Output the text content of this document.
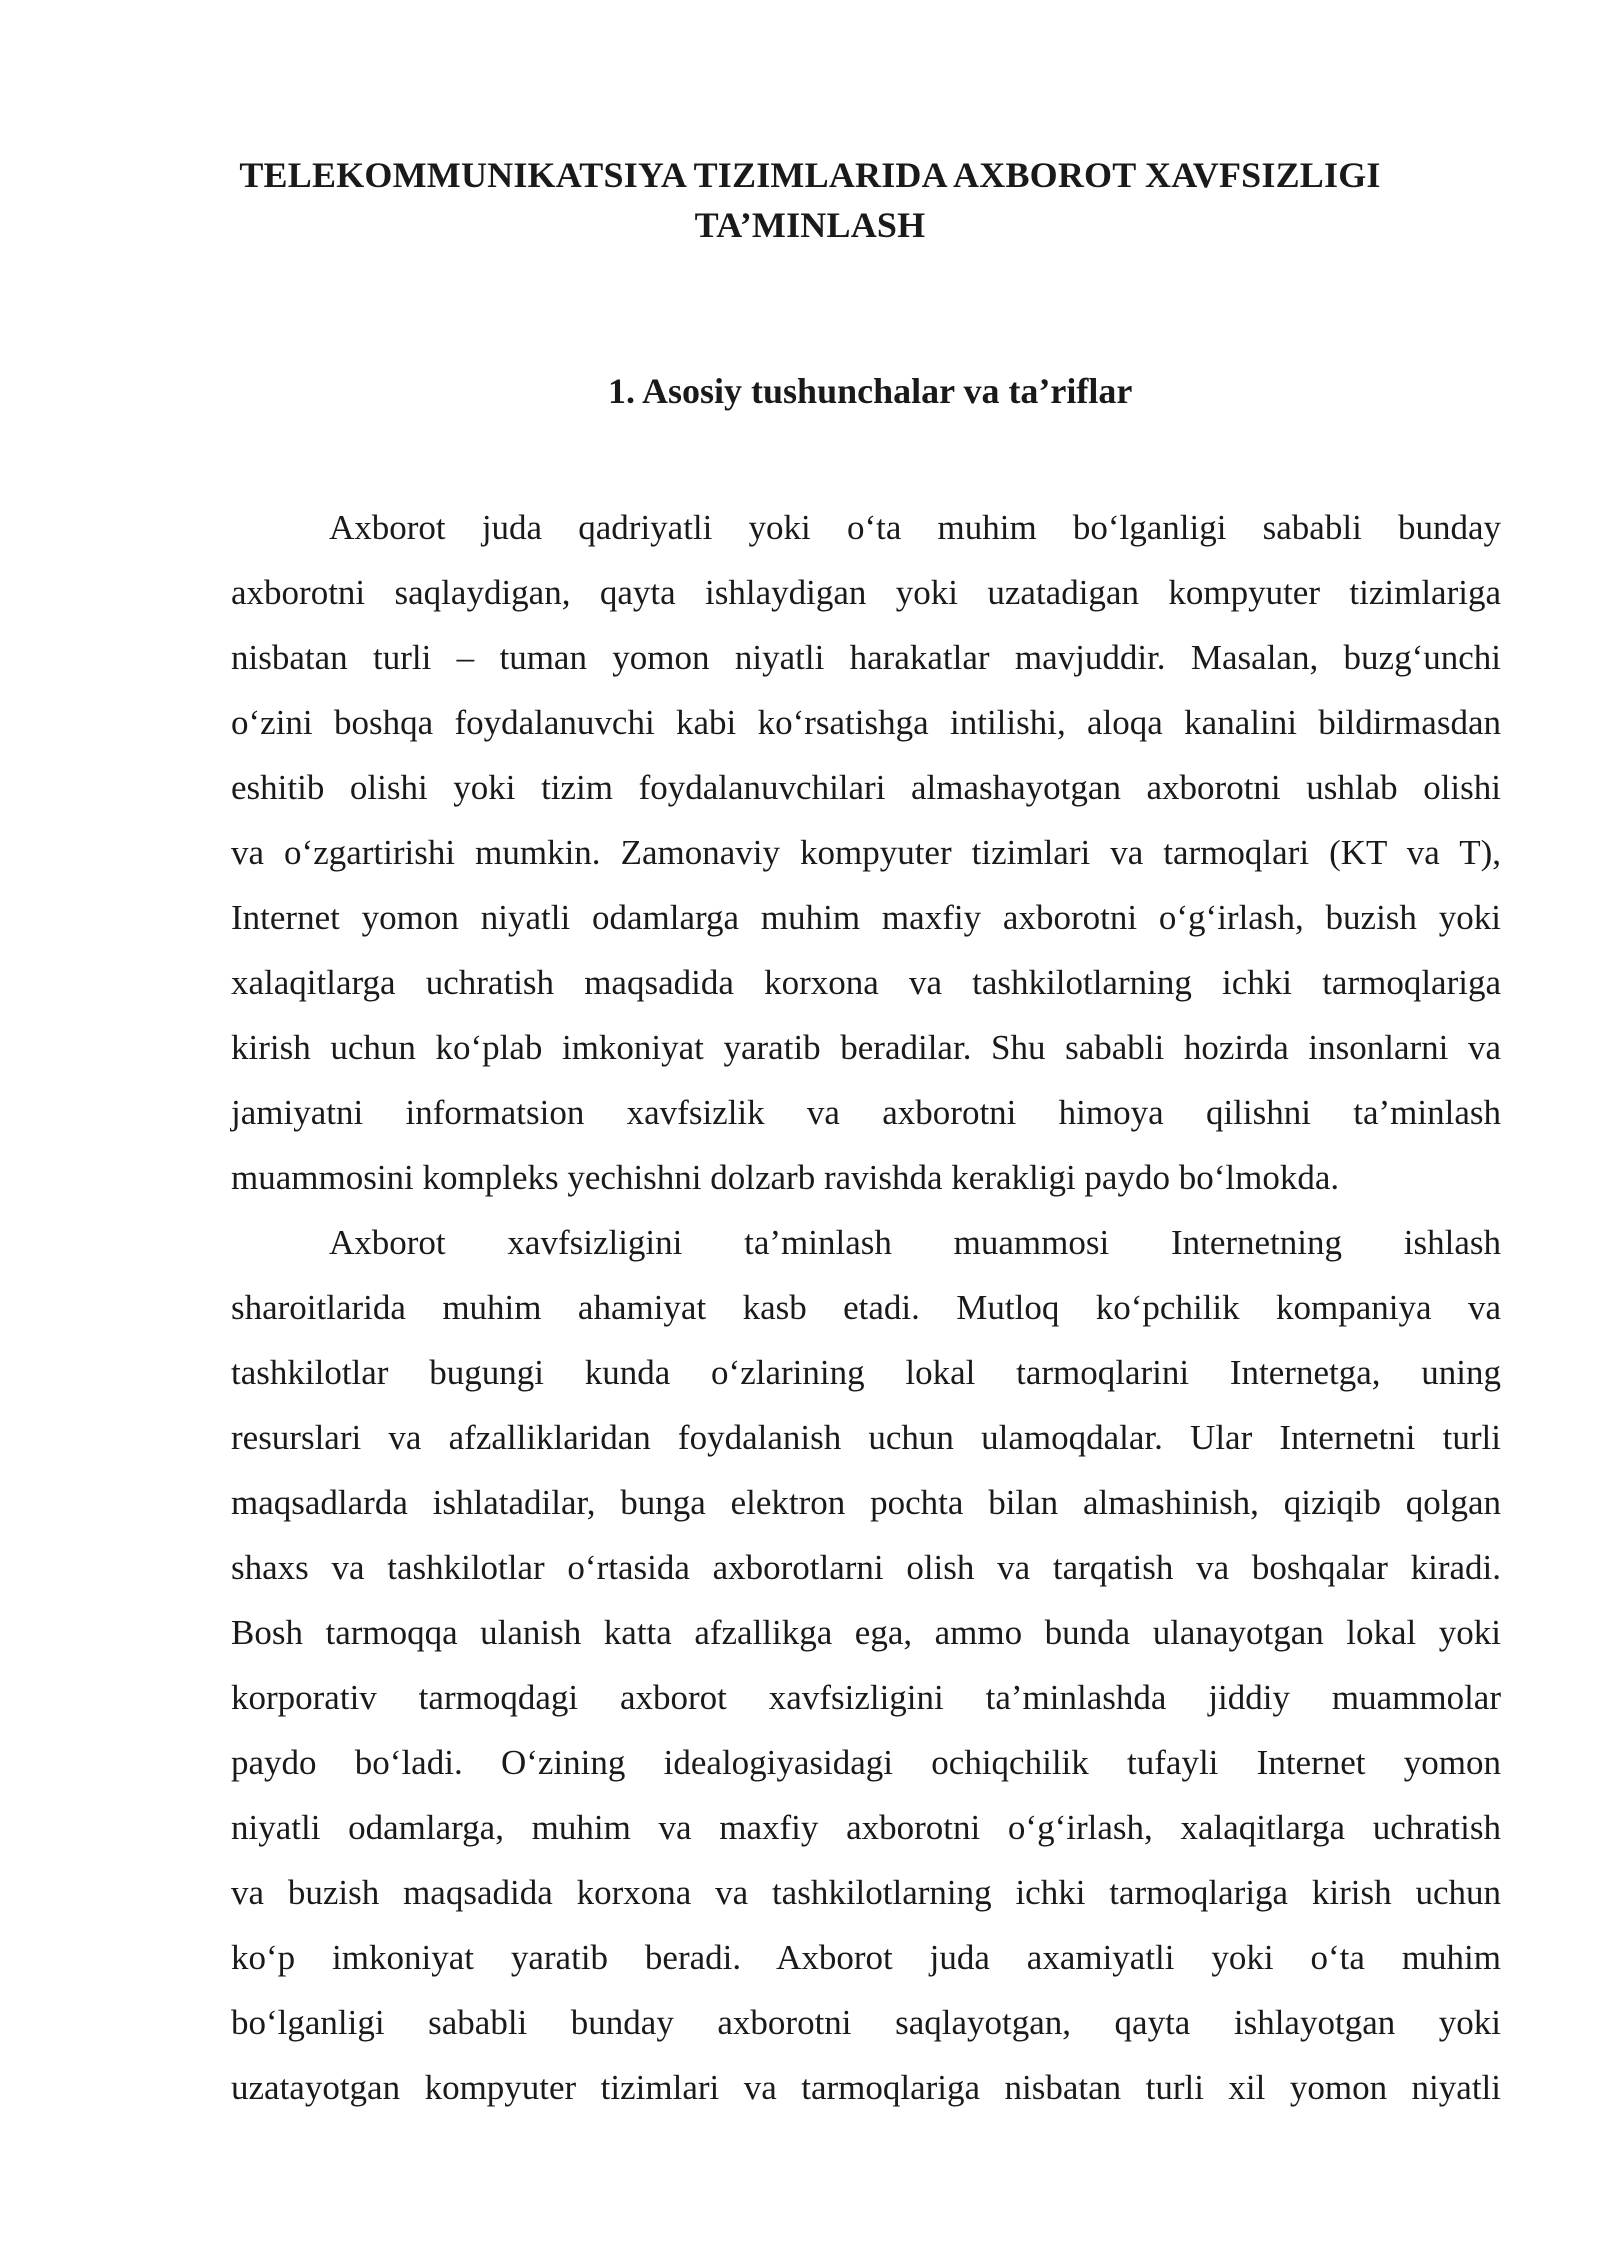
TELEKOMMUNIKATSIYA TIZIMLARIDA AXBOROT XAVFSIZLIGI
TA’MINLASH
1. Asosiy tushunchalar va ta’riflar
Axborot juda qadriyatli yoki o‘ta muhim bo‘lganligi sababli bunday
axborotni saqlaydigan, qayta ishlaydigan yoki uzatadigan kompyuter tizimlariga
nisbatan turli – tuman yomon niyatli harakatlar mavjuddir. Masalan, buzg‘unchi
o‘zini boshqa foydalanuvchi kabi ko‘rsatishga intilishi, aloqa kanalini bildirmasdan
eshitib olishi yoki tizim foydalanuvchilari almashayotgan axborotni ushlab olishi
va o‘zgartirishi mumkin. Zamonaviy kompyuter tizimlari va tarmoqlari (KT va T),
Internet yomon niyatli odamlarga muhim maxfiy axborotni o‘g‘irlash, buzish yoki
xalaqitlarga uchratish maqsadida korxona va tashkilotlarning ichki tarmoqlariga
kirish uchun ko‘plab imkoniyat yaratib beradilar. Shu sababli hozirda insonlarni va
jamiyatni informatsion xavfsizlik va axborotni himoya qilishni ta’minlash
muammosini kompleks yechishni dolzarb ravishda kerakligi paydo bo‘lmokda.
Axborot xavfsizligini ta’minlash muammosi Internetning ishlash
sharoitlarida muhim ahamiyat kasb etadi. Mutloq ko‘pchilik kompaniya va
tashkilotlar bugungi kunda o‘zlarining lokal tarmoqlarini Internetga, uning
resurslari va afzalliklaridan foydalanish uchun ulamoqdalar. Ular Internetni turli
maqsadlarda ishlatadilar, bunga elektron pochta bilan almashinish, qiziqib qolgan
shaxs va tashkilotlar o‘rtasida axborotlarni olish va tarqatish va boshqalar kiradi.
Bosh tarmoqqa ulanish katta afzallikga ega, ammo bunda ulanayotgan lokal yoki
korporativ tarmoqdagi axborot xavfsizligini ta’minlashda jiddiy muammolar
paydo bo‘ladi. O‘zining idealogiyasidagi ochiqchilik tufayli Internet yomon
niyatli odamlarga, muhim va maxfiy axborotni o‘g‘irlash, xalaqitlarga uchratish
va buzish maqsadida korxona va tashkilotlarning ichki tarmoqlariga kirish uchun
ko‘p imkoniyat yaratib beradi. Axborot juda axamiyatli yoki o‘ta muhim
bo‘lganligi sababli bunday axborotni saqlayotgan, qayta ishlayotgan yoki
uzatayotgan kompyuter tizimlari va tarmoqlariga nisbatan turli xil yomon niyatli
